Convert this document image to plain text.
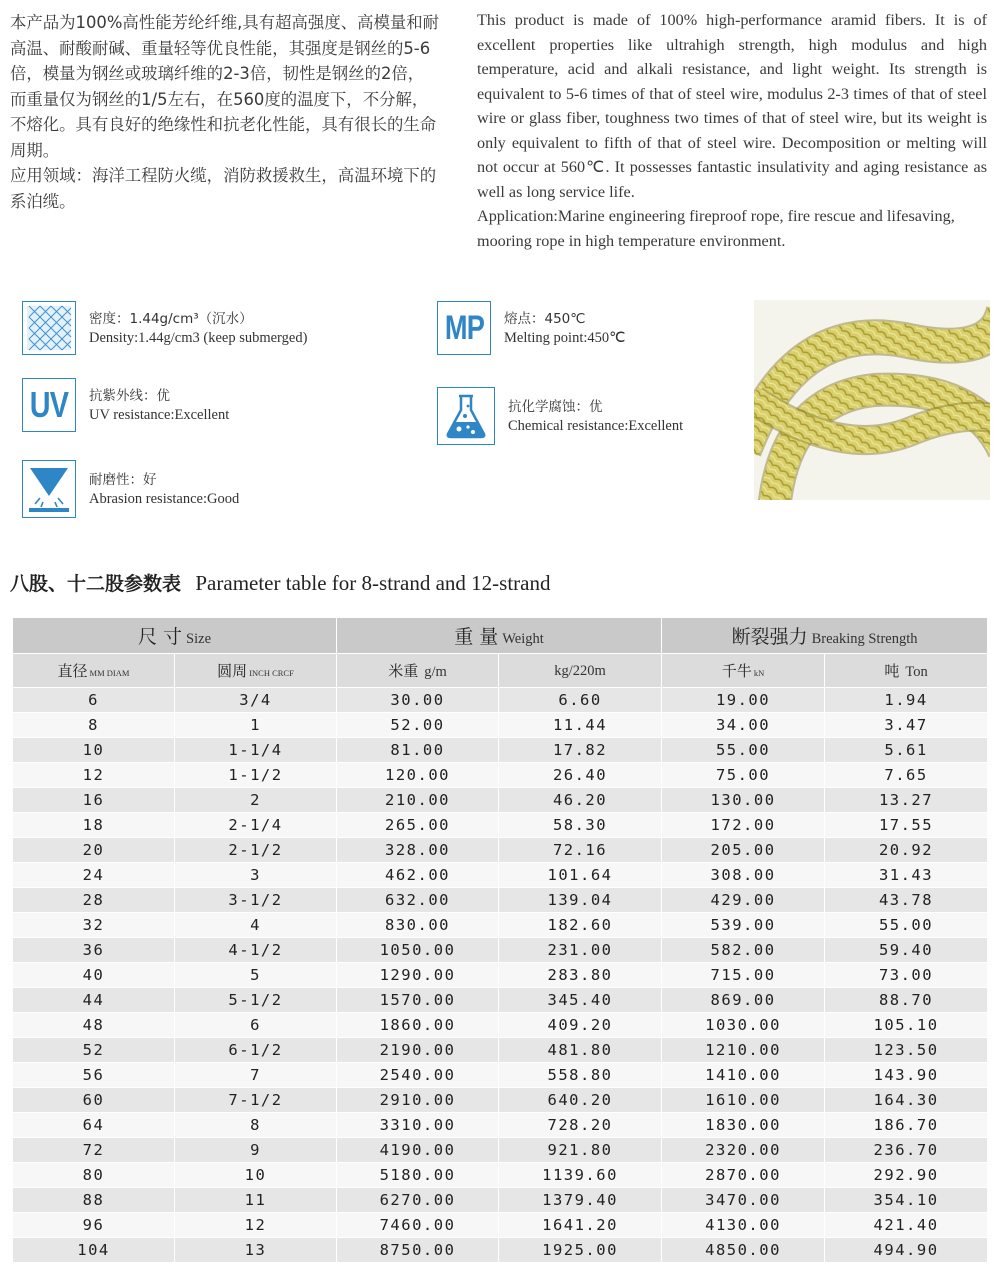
本产品为100%高性能芳纶纤维,具有超高强度、高模量和耐高温、耐酸耐碱、重量轻等优良性能，其强度是钢丝的5-6倍，模量为钢丝或玻璃纤维的2-3倍，韧性是钢丝的2倍，而重量仅为钢丝的1/5左右，在560度的温度下，不分解，不熔化。具有良好的绝缘性和抗老化性能，具有很长的生命周期。

应用领域：海洋工程防火缆，消防救援救生，高温环境下的系泊缆。

This product is made of 100% high-performance aramid fibers. It is of excellent properties like ultrahigh strength, high modulus and high temperature, acid and alkali resistance, and light weight. Its strength is equivalent to 5-6 times of that of steel wire, modulus 2-3 times of that of steel wire or glass fiber, toughness two times of that of steel wire, but its weight is only equivalent to fifth of that of steel wire. Decomposition or melting will not occur at 560℃. It possesses fantastic insulativity and aging resistance as well as long service life.

Application:Marine engineering fireproof rope, fire rescue and lifesaving, mooring rope in high temperature environment.

密度：1.44g/cm³（沉水）
Density:1.44g/cm3 (keep submerged)	MP 熔点：450℃
Melting point:450℃
UV 抗紫外线：优
UV resistance:Excellent	抗化学腐蚀：优
Chemical resistance:Excellent
耐磨性：好
Abrasion resistance:Good
八股、十二股参数表 Parameter table for 8-strand and 12-strand
尺 寸 Size		重 量 Weight		断裂强力 Breaking Strength	
直径 MM DIAM	圆周 INCH CRCF	米重 g/m	kg/220m	千牛 kN	吨 Ton
6	3/4	30.00	6.60	19.00	1.94
8	1	52.00	11.44	34.00	3.47
10	1-1/4	81.00	17.82	55.00	5.61
12	1-1/2	120.00	26.40	75.00	7.65
16	2	210.00	46.20	130.00	13.27
18	2-1/4	265.00	58.30	172.00	17.55
20	2-1/2	328.00	72.16	205.00	20.92
24	3	462.00	101.64	308.00	31.43
28	3-1/2	632.00	139.04	429.00	43.78
32	4	830.00	182.60	539.00	55.00
36	4-1/2	1050.00	231.00	582.00	59.40
40	5	1290.00	283.80	715.00	73.00
44	5-1/2	1570.00	345.40	869.00	88.70
48	6	1860.00	409.20	1030.00	105.10
52	6-1/2	2190.00	481.80	1210.00	123.50
56	7	2540.00	558.80	1410.00	143.90
60	7-1/2	2910.00	640.20	1610.00	164.30
64	8	3310.00	728.20	1830.00	186.70
72	9	4190.00	921.80	2320.00	236.70
80	10	5180.00	1139.60	2870.00	292.90
88	11	6270.00	1379.40	3470.00	354.10
96	12	7460.00	1641.20	4130.00	421.40
104	13	8750.00	1925.00	4850.00	494.90
